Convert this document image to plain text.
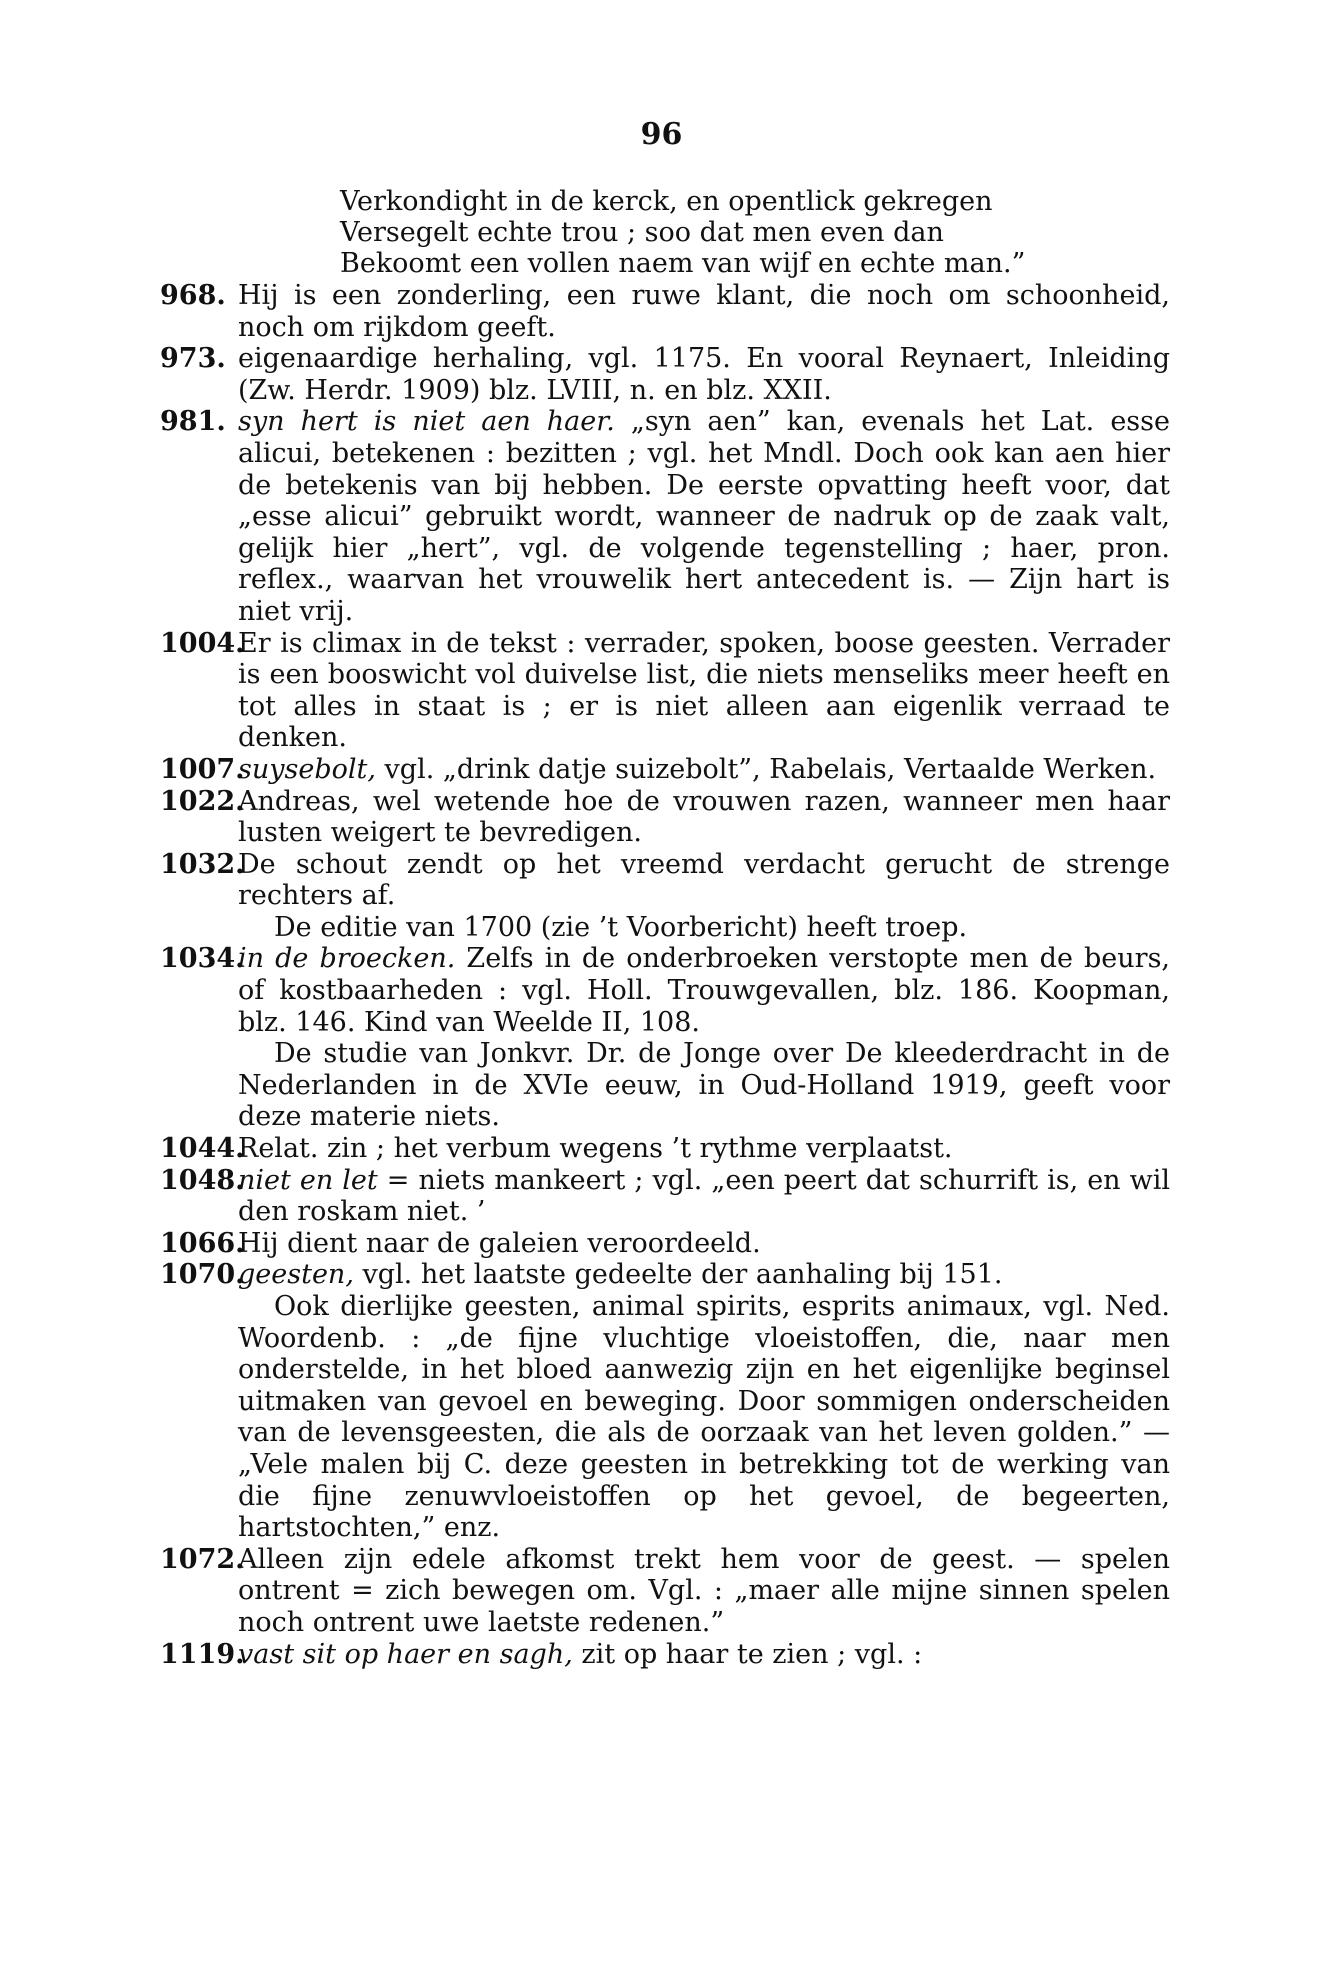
96
Verkondight in de kerck, en opentlick gekregen
Versegelt echte trou ; soo dat men even dan
Bekoomt een vollen naem van wijf en echte man.”
968. Hij is een zonderling, een ruwe klant, die noch om schoonheid, noch om rijkdom geeft.
973. eigenaardige herhaling, vgl. 1175. En vooral Reynaert, Inleiding (Zw. Herdr. 1909) blz. LVIII, n. en blz. XXII.
981. syn hert is niet aen haer. „syn aen” kan, evenals het Lat. esse alicui, betekenen : bezitten ; vgl. het Mndl. Doch ook kan aen hier de betekenis van bij hebben. De eerste opvatting heeft voor, dat „esse alicui” gebruikt wordt, wanneer de nadruk op de zaak valt, gelijk hier „hert”, vgl. de volgende tegenstelling ; haer, pron. reflex., waarvan het vrouwelik hert antecedent is. — Zijn hart is niet vrij.
1004.
Er is climax in de tekst : verrader, spoken, boose geesten. Verrader is een booswicht vol duivelse list, die niets menseliks meer heeft en tot alles in staat is ; er is niet alleen aan eigenlik verraad te denken.
1007.
suysebolt, vgl. „drink datje suizebolt”, Rabelais, Vertaalde Werken.
1022.
Andreas, wel wetende hoe de vrouwen razen, wanneer men haar lusten weigert te bevredigen.
1032.
De schout zendt op het vreemd verdacht gerucht de strenge rechters af.
De editie van 1700 (zie ’t Voorbericht) heeft troep.
1034.
in de broecken. Zelfs in de onderbroeken verstopte men de beurs, of kostbaarheden : vgl. Holl. Trouwgevallen, blz. 186. Koopman, blz. 146. Kind van Weelde II, 108.
De studie van Jonkvr. Dr. de Jonge over De kleederdracht in de Nederlanden in de XVIe eeuw, in Oud-Holland 1919, geeft voor deze materie niets.
1044.
Relat. zin ; het verbum wegens ’t rythme verplaatst.
1048.
niet en let = niets mankeert ; vgl. „een peert dat schurrift is, en wil den roskam niet. ’
1066.
Hij dient naar de galeien veroordeeld.
1070.
geesten, vgl. het laatste gedeelte der aanhaling bij 151.
Ook dierlijke geesten, animal spirits, esprits animaux, vgl. Ned. Woordenb. : „de fijne vluchtige vloeistoffen, die, naar men onderstelde, in het bloed aanwezig zijn en het eigenlijke beginsel uitmaken van gevoel en beweging. Door sommigen onderscheiden van de levensgeesten, die als de oorzaak van het leven golden.” — „Vele malen bij C. deze geesten in betrekking tot de werking van die fijne zenuwvloeistoffen op het gevoel, de begeerten, hartstochten,” enz.
1072.
Alleen zijn edele afkomst trekt hem voor de geest. — spelen ontrent = zich bewegen om. Vgl. : „maer alle mijne sinnen spelen noch ontrent uwe laetste redenen.”
1119.
vast sit op haer en sagh, zit op haar te zien ; vgl. :
